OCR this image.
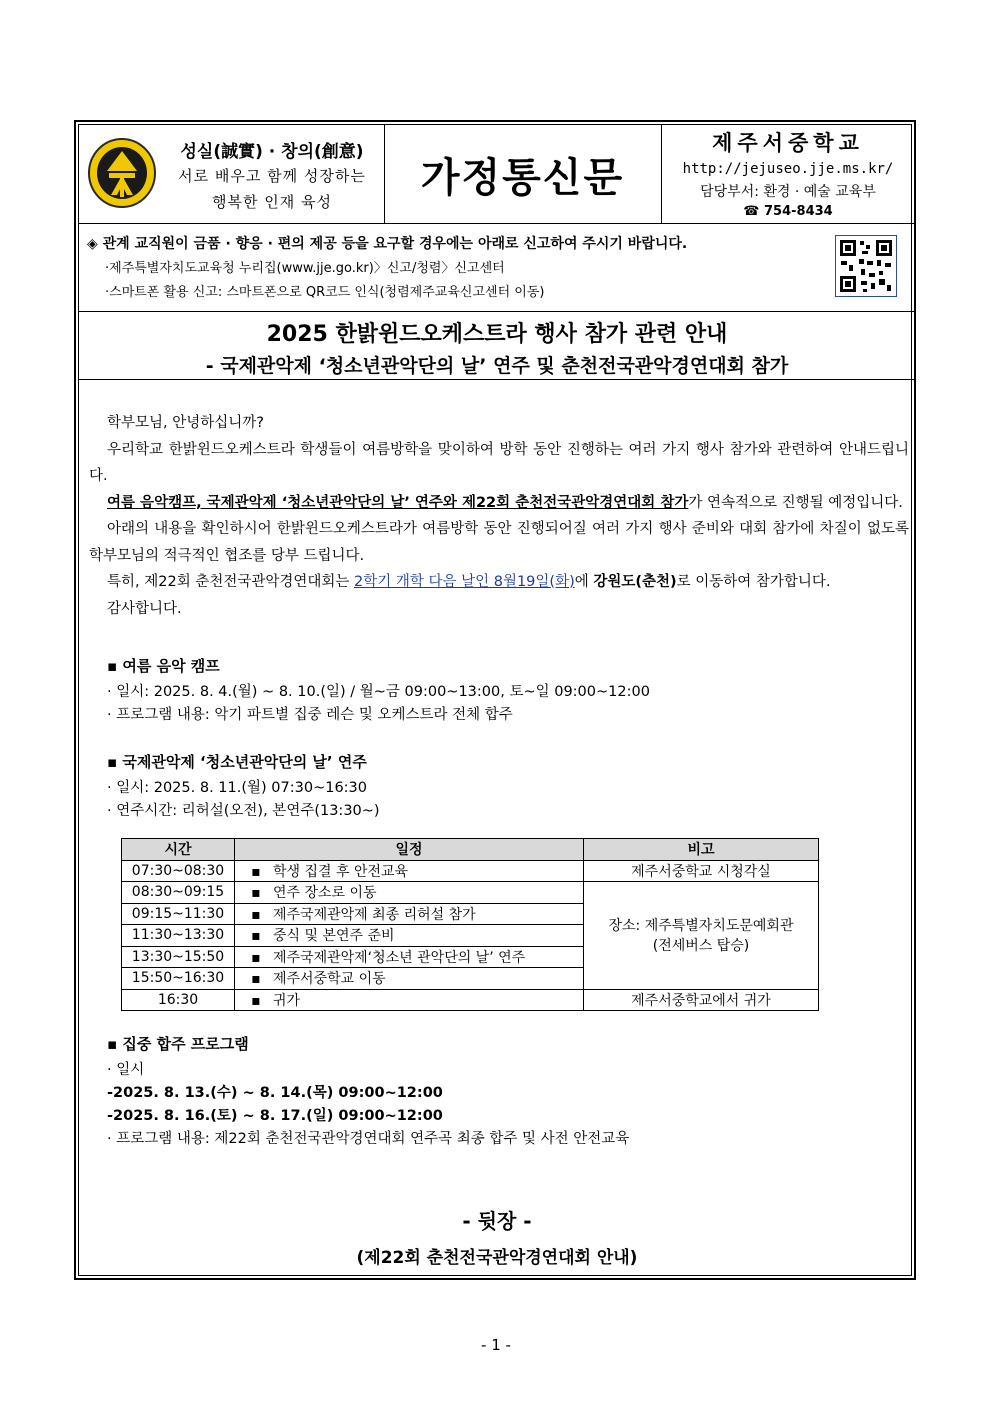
성실(誠實) · 창의(創意)
서로 배우고 함께 성장하는
행복한 인재 육성
가정통신문
제주서중학교
http://jejuseo.jje.ms.kr/
담당부서: 환경 · 예술 교육부
☎ 754-8434
◈ 관계 교직원이 금품 · 향응 · 편의 제공 등을 요구할 경우에는 아래로 신고하여 주시기 바랍니다.
·제주특별자치도교육청 누리집(www.jje.go.kr)〉신고/청렴〉신고센터
·스마트폰 활용 신고: 스마트폰으로 QR코드 인식(청렴제주교육신고센터 이동)
2025 한밝윈드오케스트라 행사 참가 관련 안내
- 국제관악제 ‘청소년관악단의 날’ 연주 및 춘천전국관악경연대회 참가

학부모님, 안녕하십니까?

우리학교 한밝윈드오케스트라 학생들이 여름방학을 맞이하여 방학 동안 진행하는 여러 가지 행사 참가와 관련하여 안내드립니다.

여름 음악캠프, 국제관악제 ‘청소년관악단의 날’ 연주와 제22회 춘천전국관악경연대회 참가가 연속적으로 진행될 예정입니다.

아래의 내용을 확인하시어 한밝윈드오케스트라가 여름방학 동안 진행되어질 여러 가지 행사 준비와 대회 참가에 차질이 없도록 학부모님의 적극적인 협조를 당부 드립니다.

특히, 제22회 춘천전국관악경연대회는 2학기 개학 다음 날인 8월19일(화)에 강원도(춘천)로 이동하여 참가합니다.

감사합니다.

▪ 여름 음악 캠프
· 일시: 2025. 8. 4.(월) ~ 8. 10.(일) / 월~금 09:00~13:00, 토~일 09:00~12:00
· 프로그램 내용: 악기 파트별 집중 레슨 및 오케스트라 전체 합주
▪ 국제관악제 ‘청소년관악단의 날’ 연주
· 일시: 2025. 8. 11.(월) 07:30~16:30
· 연주시간: 리허설(오전), 본연주(13:30~)
시간	일정	비고
07:30~08:30	▪ 학생 집결 후 안전교육	제주서중학교 시청각실
08:30~09:15	▪ 연주 장소로 이동	장소: 제주특별자치도문예회관
(전세버스 탑승)

09:15~11:30	▪ 제주국제관악제 최종 리허설 참가	
11:30~13:30	▪ 중식 및 본연주 준비	
13:30~15:50	▪ 제주국제관악제‘청소년 관악단의 날’ 연주	
15:50~16:30	▪ 제주서중학교 이동	
16:30	▪ 귀가	제주서중학교에서 귀가
▪ 집중 합주 프로그램
· 일시
-2025. 8. 13.(수) ~ 8. 14.(목) 09:00~12:00
-2025. 8. 16.(토) ~ 8. 17.(일) 09:00~12:00
· 프로그램 내용: 제22회 춘천전국관악경연대회 연주곡 최종 합주 및 사전 안전교육
- 뒷장 -
(제22회 춘천전국관악경연대회 안내)
- 1 -
